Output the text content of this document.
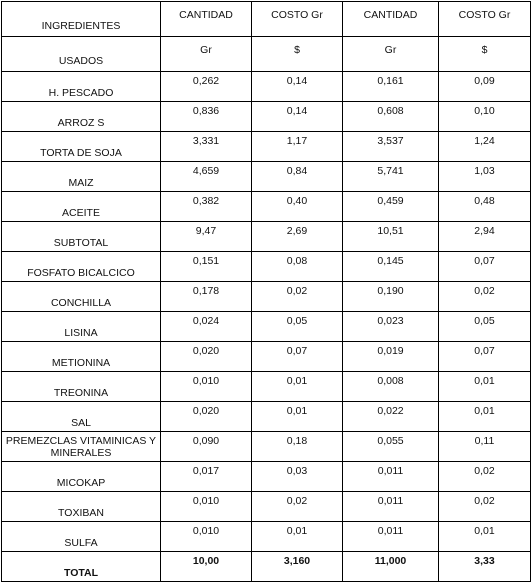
INGREDIENTES	CANTIDAD	COSTO Gr	CANTIDAD	COSTO Gr
USADOS	Gr	$	Gr	$
H. PESCADO	0,262	0,14	0,161	0,09
ARROZ S	0,836	0,14	0,608	0,10
TORTA DE SOJA	3,331	1,17	3,537	1,24
MAIZ	4,659	0,84	5,741	1,03
ACEITE	0,382	0,40	0,459	0,48
SUBTOTAL	9,47	2,69	10,51	2,94
FOSFATO BICALCICO	0,151	0,08	0,145	0,07
CONCHILLA	0,178	0,02	0,190	0,02
LISINA	0,024	0,05	0,023	0,05
METIONINA	0,020	0,07	0,019	0,07
TREONINA	0,010	0,01	0,008	0,01
SAL	0,020	0,01	0,022	0,01
PREMEZCLAS VITAMINICAS Y MINERALES	0,090	0,18	0,055	0,11
MICOKAP	0,017	0,03	0,011	0,02
TOXIBAN	0,010	0,02	0,011	0,02
SULFA	0,010	0,01	0,011	0,01
TOTAL	10,00	3,160	11,000	3,33
